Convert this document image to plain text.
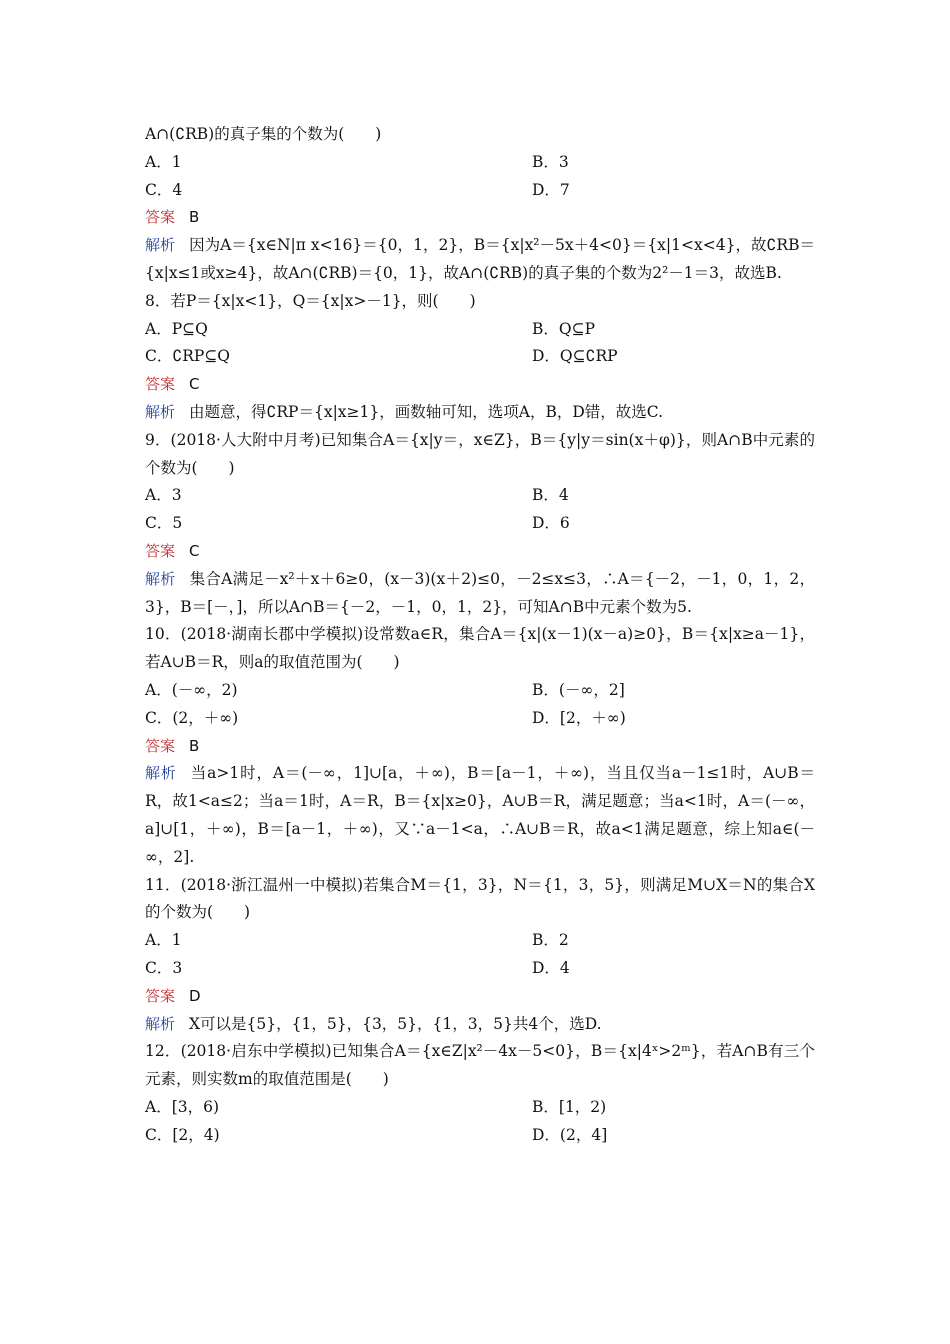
A∩(∁RB)的真子集的个数为(　　)
A．1	B．3
C．4	D．7
答案 B
解析 因为A＝{x∈N|π x<16}＝{0，1，2}，B＝{x|x²－5x＋4<0}＝{x|1<x<4}，故∁RB＝{x|x≤1或x≥4}，故A∩(∁RB)＝{0，1}，故A∩(∁RB)的真子集的个数为2²－1＝3，故选B.
8．若P＝{x|x<1}，Q＝{x|x>－1}，则(　　)
A．P⊆Q	B．Q⊆P
C．∁RP⊆Q	D．Q⊆∁RP
答案 C
解析 由题意，得∁RP＝{x|x≥1}，画数轴可知，选项A，B，D错，故选C.
9．(2018·人大附中月考)已知集合A＝{x|y＝，x∈Z}，B＝{y|y＝sin(x＋φ)}，则A∩B中元素的个数为(　　)
A．3	B．4
C．5	D．6
答案 C
解析 集合A满足－x²＋x＋6≥0，(x－3)(x＋2)≤0，－2≤x≤3，∴A＝{－2，－1，0，1，2，3}，B＝[－，]，所以A∩B＝{－2，－1，0，1，2}，可知A∩B中元素个数为5.
10．(2018·湖南长郡中学模拟)设常数a∈R，集合A＝{x|(x－1)(x－a)≥0}，B＝{x|x≥a－1}，若A∪B＝R，则a的取值范围为(　　)
A．(－∞，2)	B．(－∞，2]
C．(2，＋∞)	D．[2，＋∞)
答案 B
解析 当a>1时，A＝(－∞，1]∪[a，＋∞)，B＝[a－1，＋∞)，当且仅当a－1≤1时，A∪B＝R，故1<a≤2；当a＝1时，A＝R，B＝{x|x≥0}，A∪B＝R，满足题意；当a<1时，A＝(－∞，a]∪[1，＋∞)，B＝[a－1，＋∞)，又∵a－1<a，∴A∪B＝R，故a<1满足题意，综上知a∈(－∞，2].
11．(2018·浙江温州一中模拟)若集合M＝{1，3}，N＝{1，3，5}，则满足M∪X＝N的集合X的个数为(　　)
A．1	B．2
C．3	D．4
答案 D
解析 X可以是{5}，{1，5}，{3，5}，{1，3，5}共4个，选D.
12．(2018·启东中学模拟)已知集合A＝{x∈Z|x²－4x－5<0}，B＝{x|4ˣ>2ᵐ}，若A∩B有三个元素，则实数m的取值范围是(　　)
A．[3，6)	B．[1，2)
C．[2，4)	D．(2，4]
